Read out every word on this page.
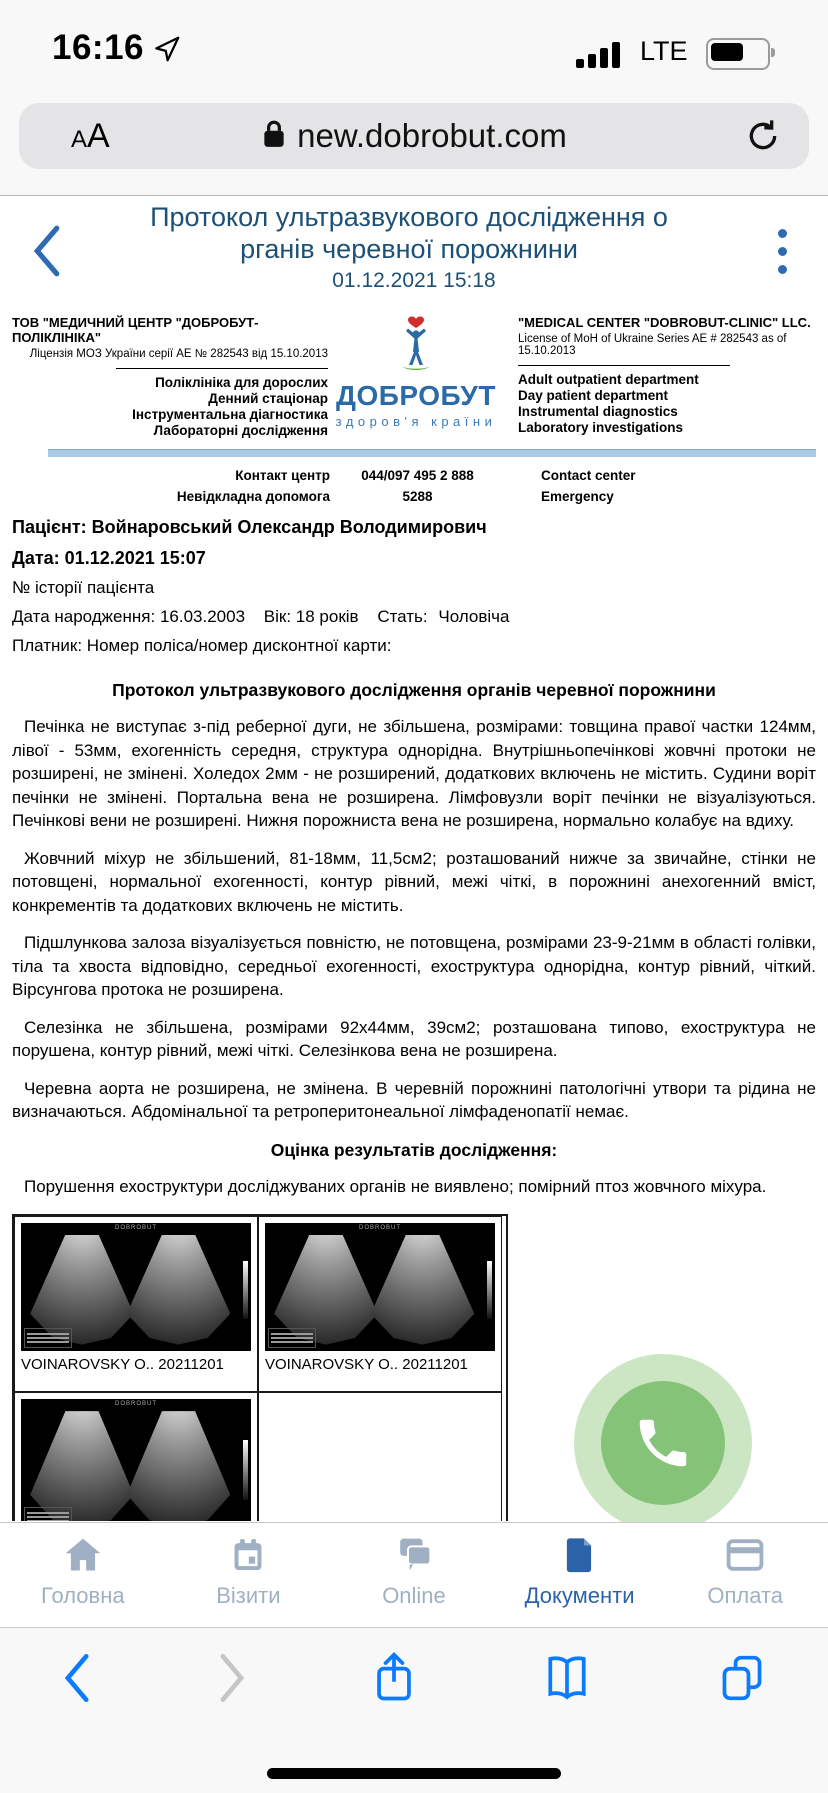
16:16	LTE
AA	new.dobrobut.com
Протокол ультразвукового дослідження о
рганів черевної порожнини
01.12.2021 15:18
ТОВ "МЕДИЧНИЙ ЦЕНТР "ДОБРОБУТ-ПОЛІКЛІНІКА"
Ліцензія МОЗ України серії АЕ № 282543 від 15.10.2013
Поліклініка для дорослих
Денний стаціонар
Інструментальна діагностика
Лабораторні дослідження
ДОБРОБУТ
здоров'я країни
"MEDICAL CENTER "DOBROBUT-CLINIC" LLC.
License of MoH of Ukraine Series AE # 282543 as of 15.10.2013
Adult outpatient department
Day patient department
Instrumental diagnostics
Laboratory investigations
Контакт центр	044/097 495 2 888	Contact center
Невідкладна допомога	5288	Emergency
Пацієнт: Войнаровський Олександр Володимирович
Дата: 01.12.2021 15:07
№ історії пацієнта
Дата народження: 16.03.2003 Вік: 18 років Стать: Чоловіча
Платник: Номер поліса/номер дисконтної карти:
Протокол ультразвукового дослідження органів черевної порожнини
Печінка не виступає з-під реберної дуги, не збільшена, розмірами: товщина правої частки 124мм, лівої - 53мм, ехогенність середня, структура однорідна. Внутрішньопечінкові жовчні протоки не розширені, не змінені. Холедох 2мм - не розширений, додаткових включень не містить. Судини воріт печінки не змінені. Портальна вена не розширена. Лімфовузли воріт печінки не візуалізуються. Печінкові вени не розширені. Нижня порожниста вена не розширена, нормально колабує на вдиху.
Жовчний міхур не збільшений, 81-18мм, 11,5см2; розташований нижче за звичайне, стінки не потовщені, нормальної ехогенності, контур рівний, межі чіткі, в порожнині анехогенний вміст, конкрементів та додаткових включень не містить.
Підшлункова залоза візуалізується повністю, не потовщена, розмірами 23-9-21мм в області голівки, тіла та хвоста відповідно, середньої ехогенності, ехоструктура однорідна, контур рівний, чіткий. Вірсунгова протока не розширена.
Селезінка не збільшена, розмірами 92х44мм, 39см2; розташована типово, ехоструктура не порушена, контур рівний, межі чіткі. Селезінкова вена не розширена.
Черевна аорта не розширена, не змінена. В черевній порожнині патологічні утвори та рідина не визначаються. Абдомінальної та ретроперитонеальної лімфаденопатії немає.
Оцінка результатів дослідження:
Порушення ехоструктури досліджуваних органів не виявлено; помірний птоз жовчного міхура.
DOBROBUT
VOINAROVSKY O.. 20211201
DOBROBUT
VOINAROVSKY O.. 20211201
DOBROBUT
Головна	Візити	Online	Документи	Оплата
